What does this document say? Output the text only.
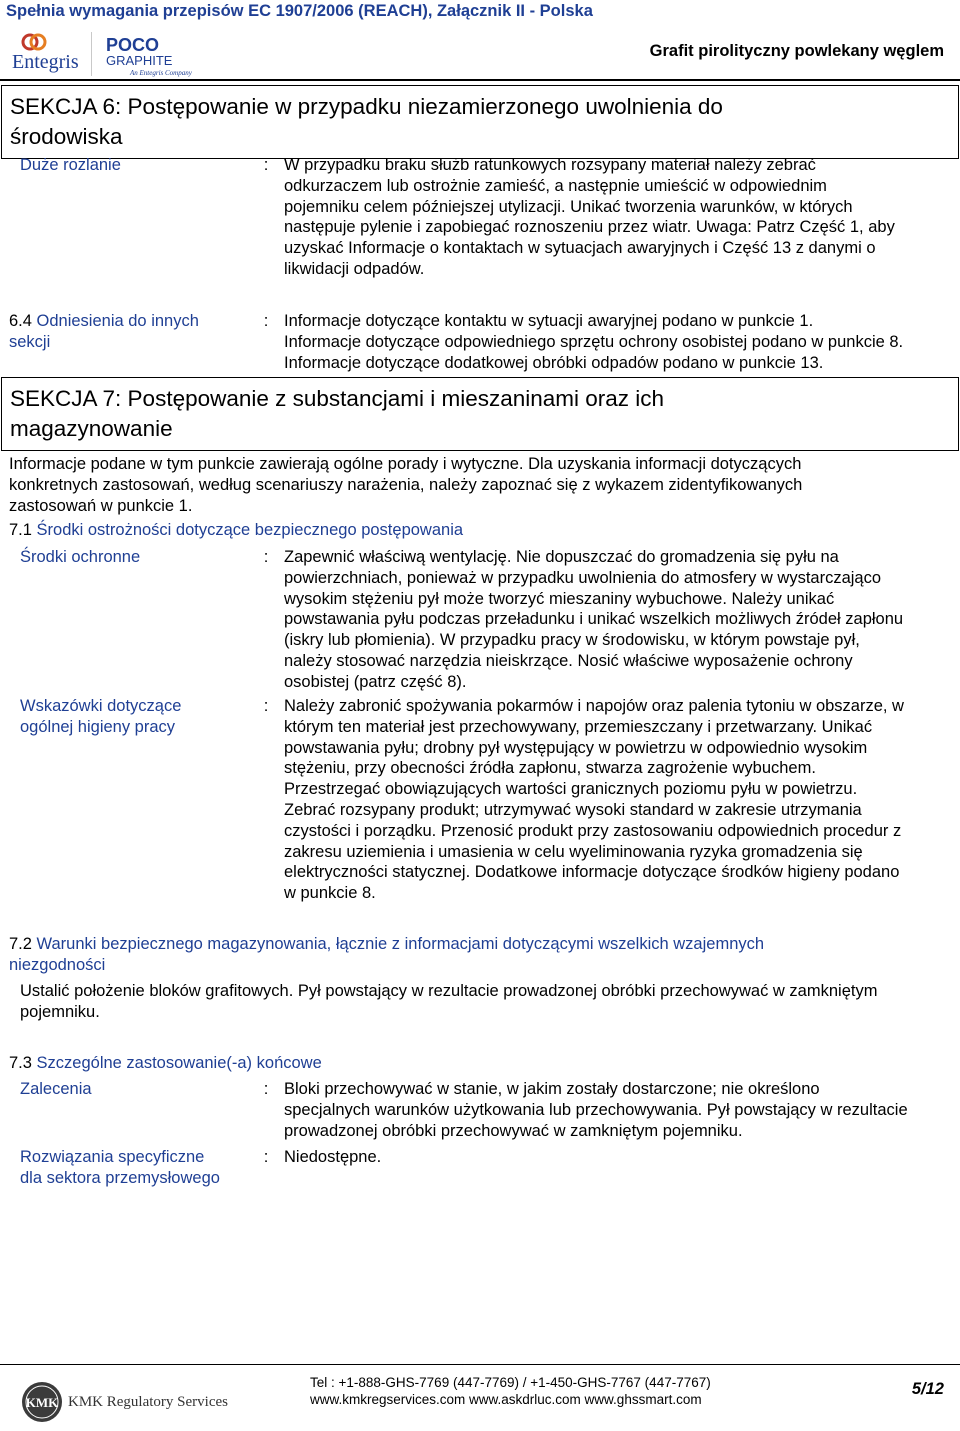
Spełnia wymagania przepisów EC 1907/2006 (REACH), Załącznik II - Polska
Entegris
POCO
GRAPHITE
An Entegris Company
Grafit pirolityczny powlekany węglem
SEKCJA 6: Postępowanie w przypadku niezamierzonego uwolnienia do
środowiska
Duże rozlanie	: W przypadku braku służb ratunkowych rozsypany materiał należy zebrać
odkurzaczem lub ostrożnie zamieść, a następnie umieścić w odpowiednim
pojemniku celem późniejszej utylizacji. Unikać tworzenia warunków, w których
następuje pylenie i zapobiegać roznoszeniu przez wiatr. Uwaga: Patrz Część 1, aby
uzyskać Informacje o kontaktach w sytuacjach awaryjnych i Część 13 z danymi o
likwidacji odpadów.
6.4 Odniesienia do innych
sekcji
: Informacje dotyczące kontaktu w sytuacji awaryjnej podano w punkcie 1.
Informacje dotyczące odpowiedniego sprzętu ochrony osobistej podano w punkcie 8.
Informacje dotyczące dodatkowej obróbki odpadów podano w punkcie 13.
SEKCJA 7: Postępowanie z substancjami i mieszaninami oraz ich
magazynowanie
Informacje podane w tym punkcie zawierają ogólne porady i wytyczne. Dla uzyskania informacji dotyczących
konkretnych zastosowań, według scenariuszy narażenia, należy zapoznać się z wykazem zidentyfikowanych
zastosowań w punkcie 1.
7.1 Środki ostrożności dotyczące bezpiecznego postępowania
Środki ochronne	: Zapewnić właściwą wentylację. Nie dopuszczać do gromadzenia się pyłu na
powierzchniach, ponieważ w przypadku uwolnienia do atmosfery w wystarczająco
wysokim stężeniu pył może tworzyć mieszaniny wybuchowe. Należy unikać
powstawania pyłu podczas przeładunku i unikać wszelkich możliwych źródeł zapłonu
(iskry lub płomienia). W przypadku pracy w środowisku, w którym powstaje pył,
należy stosować narzędzia nieiskrzące. Nosić właściwe wyposażenie ochrony
osobistej (patrz część 8).
Wskazówki dotyczące
ogólnej higieny pracy
: Należy zabronić spożywania pokarmów i napojów oraz palenia tytoniu w obszarze, w
którym ten materiał jest przechowywany, przemieszczany i przetwarzany. Unikać
powstawania pyłu; drobny pył występujący w powietrzu w odpowiednio wysokim
stężeniu, przy obecności źródła zapłonu, stwarza zagrożenie wybuchem.
Przestrzegać obowiązujących wartości granicznych poziomu pyłu w powietrzu.
Zebrać rozsypany produkt; utrzymywać wysoki standard w zakresie utrzymania
czystości i porządku. Przenosić produkt przy zastosowaniu odpowiednich procedur z
zakresu uziemienia i umasienia w celu wyeliminowania ryzyka gromadzenia się
elektryczności statycznej. Dodatkowe informacje dotyczące środków higieny podano
w punkcie 8.
7.2 Warunki bezpiecznego magazynowania, łącznie z informacjami dotyczącymi wszelkich wzajemnych
niezgodności
Ustalić położenie bloków grafitowych. Pył powstający w rezultacie prowadzonej obróbki przechowywać w zamkniętym
pojemniku.
7.3 Szczególne zastosowanie(-a) końcowe
Zalecenia	: Bloki przechowywać w stanie, w jakim zostały dostarczone; nie określono
specjalnych warunków użytkowania lub przechowywania. Pył powstający w rezultacie
prowadzonej obróbki przechowywać w zamkniętym pojemniku.
Rozwiązania specyficzne
dla sektora przemysłowego
: Niedostępne.
KMK KMK Regulatory Services
Tel : +1-888-GHS-7769 (447-7769) / +1-450-GHS-7767 (447-7767)
www.kmkregservices.com www.askdrluc.com www.ghssmart.com
5/12
